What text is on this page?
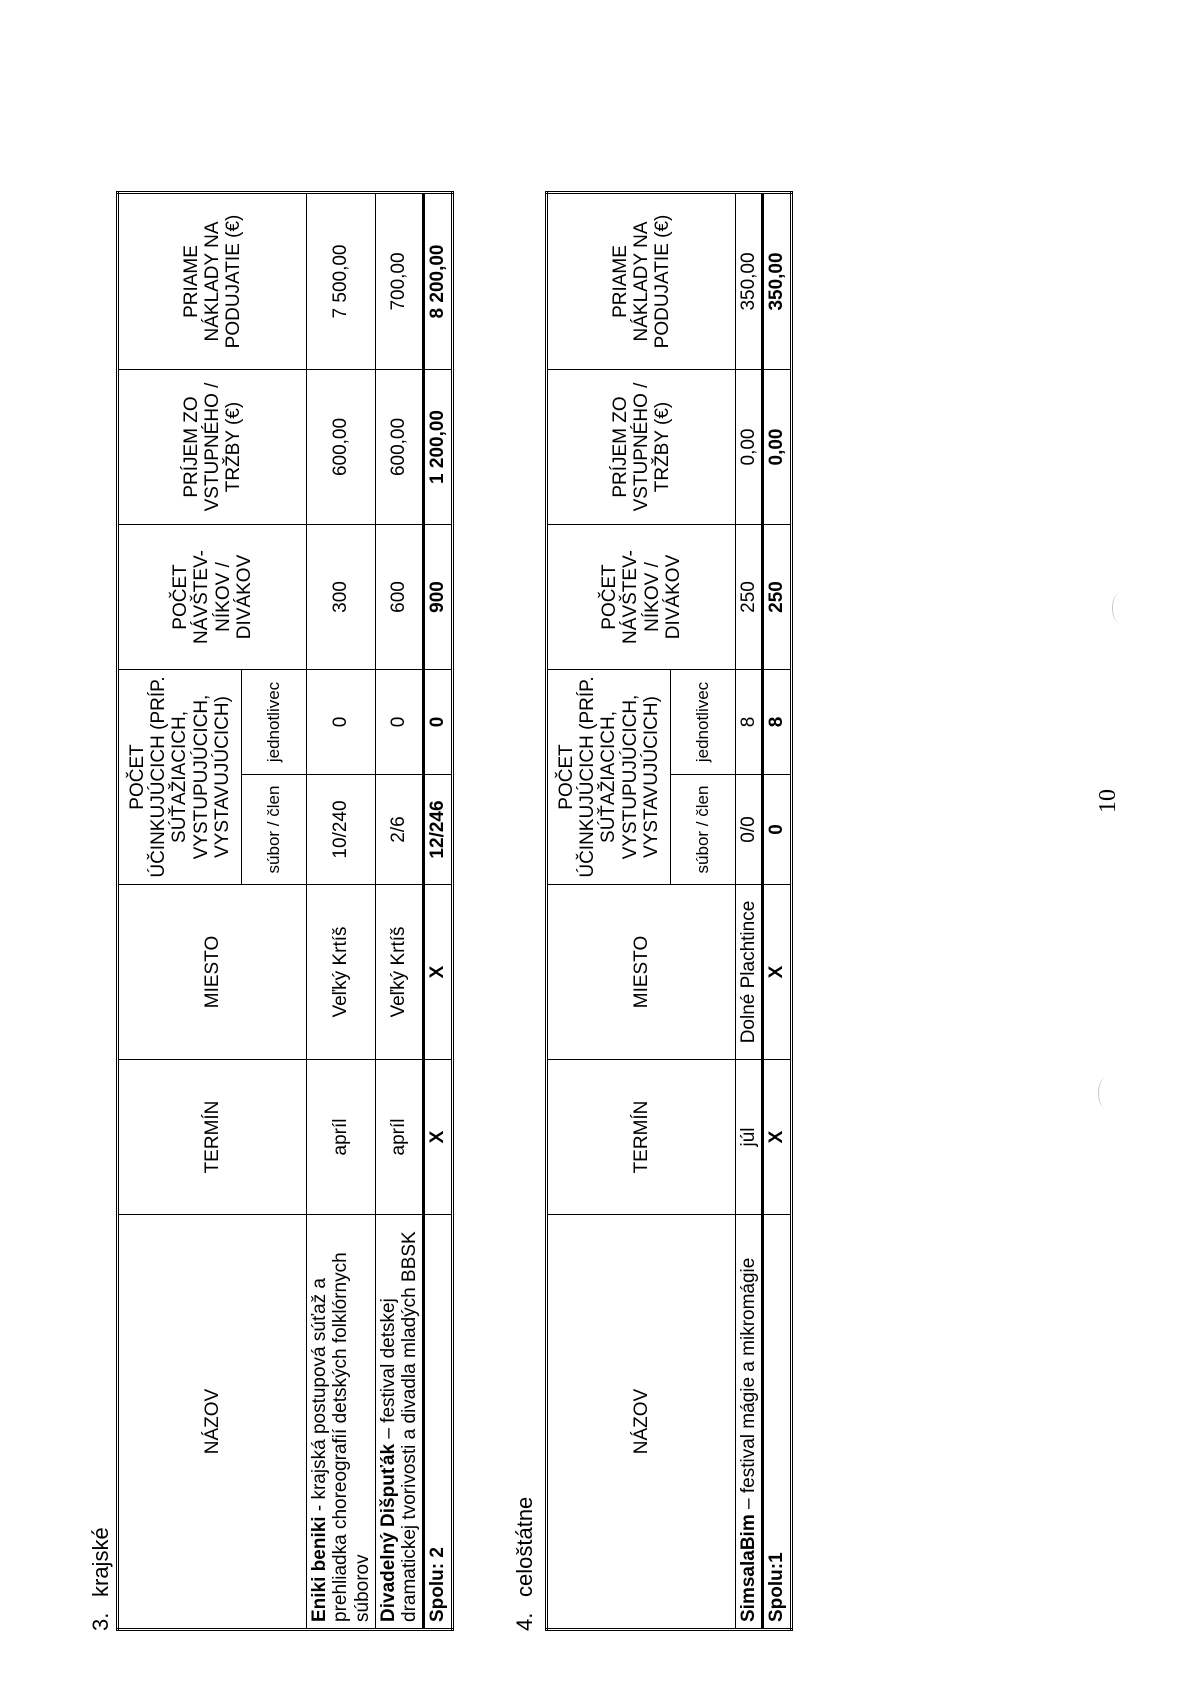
3.krajské
NÁZOV	TERMÍN	MIESTO	POČET ÚČINKUJÚCICH (PRÍP. SÚŤAŽIACICH, VYSTUPUJÚCICH, VYSTAVUJÚCICH)		POČET NÁVŠTEV-NÍKOV / DIVÁKOV	PRÍJEM ZO VSTUPNÉHO / TRŽBY (€)	PRIAME NÁKLADY NA PODUJATIE (€)
			súbor / člen	jednotlivec			
Eniki beniki - krajská postupová súťaž a prehliadka choreografií detských folklórnych súborov	apríl	Veľký Krtíš	10/240	0	300	600,00	7 500,00
Divadelný Dišpuťák – festival detskej dramatickej tvorivosti a divadla mladých BBSK	apríl	Veľký Krtíš	2/6	0	600	600,00	700,00
Spolu: 2	X	X	12/246	0	900	1 200,00	8 200,00
4.celoštátne
NÁZOV	TERMÍN	MIESTO	POČET ÚČINKUJÚCICH (PRÍP. SÚŤAŽIACICH, VYSTUPUJÚCICH, VYSTAVUJÚCICH)		POČET NÁVŠTEV-NÍKOV / DIVÁKOV	PRÍJEM ZO VSTUPNÉHO / TRŽBY (€)	PRIAME NÁKLADY NA PODUJATIE (€)
			súbor / člen	jednotlivec			
SimsalaBim – festival mágie a mikromágie	júl	Dolné Plachtince	0/0	8	250	0,00	350,00
Spolu:1	X	X	0	8	250	0,00	350,00
10
